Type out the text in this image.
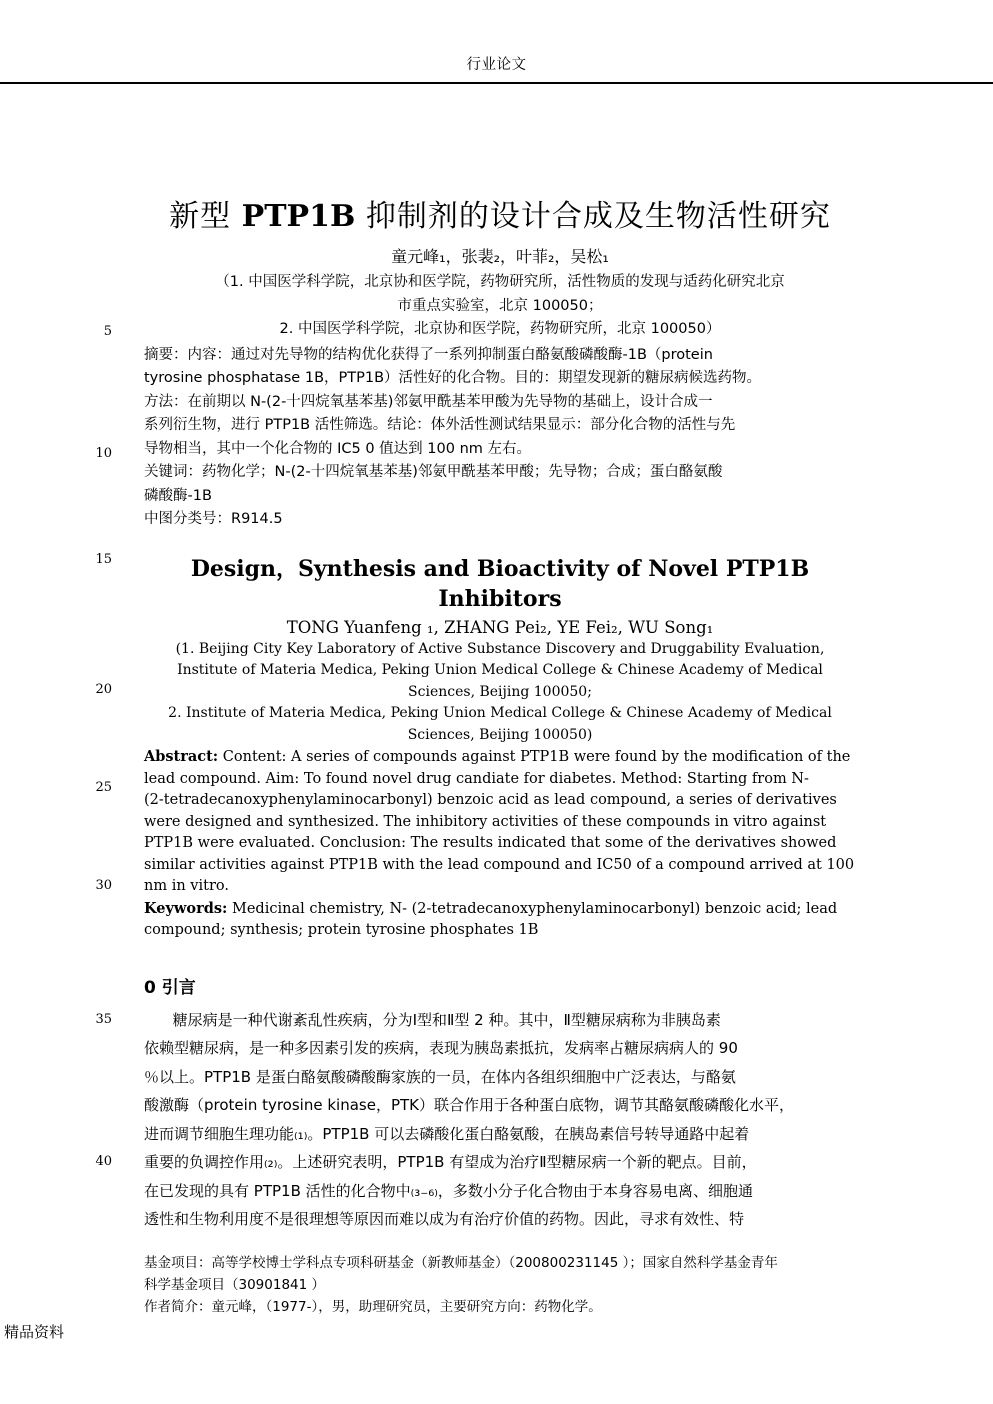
行业论文
5
10
15
20
25
30
35
40
新型 PTP1B 抑制剂的设计合成及生物活性研究
童元峰₁，张裴₂，叶菲₂，吴松₁
（1. 中国医学科学院，北京协和医学院，药物研究所，活性物质的发现与适药化研究北京
市重点实验室，北京 100050；
2. 中国医学科学院，北京协和医学院，药物研究所，北京 100050）
摘要：内容：通过对先导物的结构优化获得了一系列抑制蛋白酪氨酸磷酸酶-1B（protein
tyrosine phosphatase 1B，PTP1B）活性好的化合物。目的：期望发现新的糖尿病候选药物。
方法：在前期以 N-(2-十四烷氧基苯基)邻氨甲酰基苯甲酸为先导物的基础上，设计合成一
系列衍生物，进行 PTP1B 活性筛选。结论：体外活性测试结果显示：部分化合物的活性与先
导物相当，其中一个化合物的 IC5 0 值达到 100 nm 左右。
关键词：药物化学；N-(2-十四烷氧基苯基)邻氨甲酰基苯甲酸；先导物；合成；蛋白酪氨酸
磷酸酶-1B
中图分类号：R914.5
Design，Synthesis and Bioactivity of Novel PTP1B Inhibitors
TONG Yuanfeng ₁, ZHANG Pei₂, YE Fei₂, WU Song₁
(1. Beijing City Key Laboratory of Active Substance Discovery and Druggability Evaluation,
Institute of Materia Medica, Peking Union Medical College & Chinese Academy of Medical
Sciences, Beijing 100050;
2. Institute of Materia Medica, Peking Union Medical College & Chinese Academy of Medical
Sciences, Beijing 100050)
Abstract: Content: A series of compounds against PTP1B were found by the modification of the
lead compound. Aim: To found novel drug candiate for diabetes. Method: Starting from N-
(2-tetradecanoxyphenylaminocarbonyl) benzoic acid as lead compound, a series of derivatives
were designed and synthesized. The inhibitory activities of these compounds in vitro against
PTP1B were evaluated. Conclusion: The results indicated that some of the derivatives showed
similar activities against PTP1B with the lead compound and IC50 of a compound arrived at 100
nm in vitro.
Keywords: Medicinal chemistry, N- (2-tetradecanoxyphenylaminocarbonyl) benzoic acid; lead
compound; synthesis; protein tyrosine phosphates 1B
0 引言
糖尿病是一种代谢紊乱性疾病，分为Ⅰ型和Ⅱ型 2 种。其中，Ⅱ型糖尿病称为非胰岛素
依赖型糖尿病，是一种多因素引发的疾病，表现为胰岛素抵抗，发病率占糖尿病病人的 90
％以上。PTP1B 是蛋白酪氨酸磷酸酶家族的一员，在体内各组织细胞中广泛表达，与酪氨
酸激酶（protein tyrosine kinase，PTK）联合作用于各种蛋白底物，调节其酪氨酸磷酸化水平，
进而调节细胞生理功能₍₁₎。PTP1B 可以去磷酸化蛋白酪氨酸，在胰岛素信号转导通路中起着
重要的负调控作用₍₂₎。上述研究表明，PTP1B 有望成为治疗Ⅱ型糖尿病一个新的靶点。目前，
在已发现的具有 PTP1B 活性的化合物中₍₃₋₆₎，多数小分子化合物由于本身容易电离、细胞通
透性和生物利用度不是很理想等原因而难以成为有治疗价值的药物。因此，寻求有效性、特
基金项目：高等学校博士学科点专项科研基金（新教师基金）（200800231145 ）；国家自然科学基金青年
科学基金项目（30901841 ）
作者简介：童元峰，（1977-），男，助理研究员，主要研究方向：药物化学。
精品资料
